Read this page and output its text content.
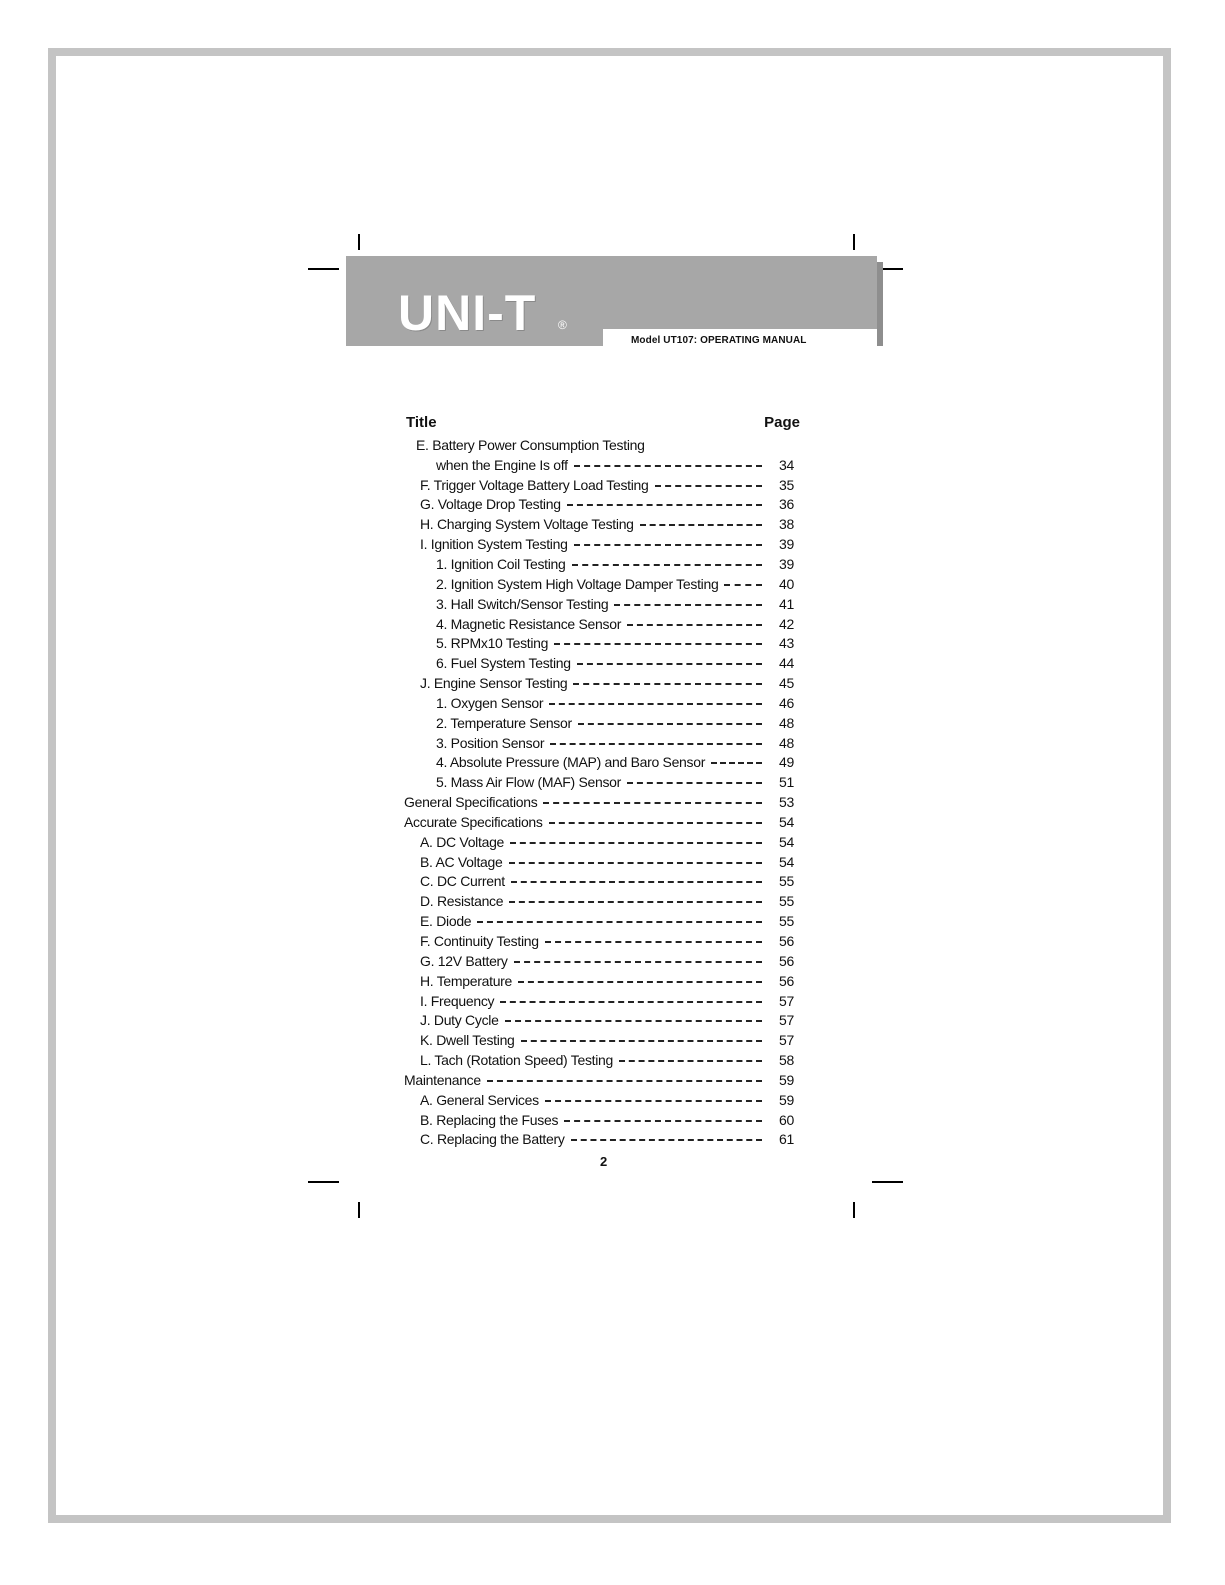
UNI-T ®
Model UT107: OPERATING MANUAL
Title	Page
E. Battery Power Consumption Testing
when the Engine Is off	34
F. Trigger Voltage Battery Load Testing	35
G. Voltage Drop Testing	36
H. Charging System Voltage Testing	38
I. Ignition System Testing	39
1. Ignition Coil Testing	39
2. Ignition System High Voltage Damper Testing	40
3. Hall Switch/Sensor Testing	41
4. Magnetic Resistance Sensor	42
5. RPMx10 Testing	43
6. Fuel System Testing	44
J. Engine Sensor Testing	45
1. Oxygen Sensor	46
2. Temperature Sensor	48
3. Position Sensor	48
4. Absolute Pressure (MAP) and Baro Sensor	49
5. Mass Air Flow (MAF) Sensor	51
General Specifications	53
Accurate Specifications	54
A. DC Voltage	54
B. AC Voltage	54
C. DC Current	55
D. Resistance	55
E. Diode	55
F. Continuity Testing	56
G. 12V Battery	56
H. Temperature	56
I. Frequency	57
J. Duty Cycle	57
K. Dwell Testing	57
L. Tach (Rotation Speed) Testing	58
Maintenance	59
A. General Services	59
B. Replacing the Fuses	60
C. Replacing the Battery	61
2
